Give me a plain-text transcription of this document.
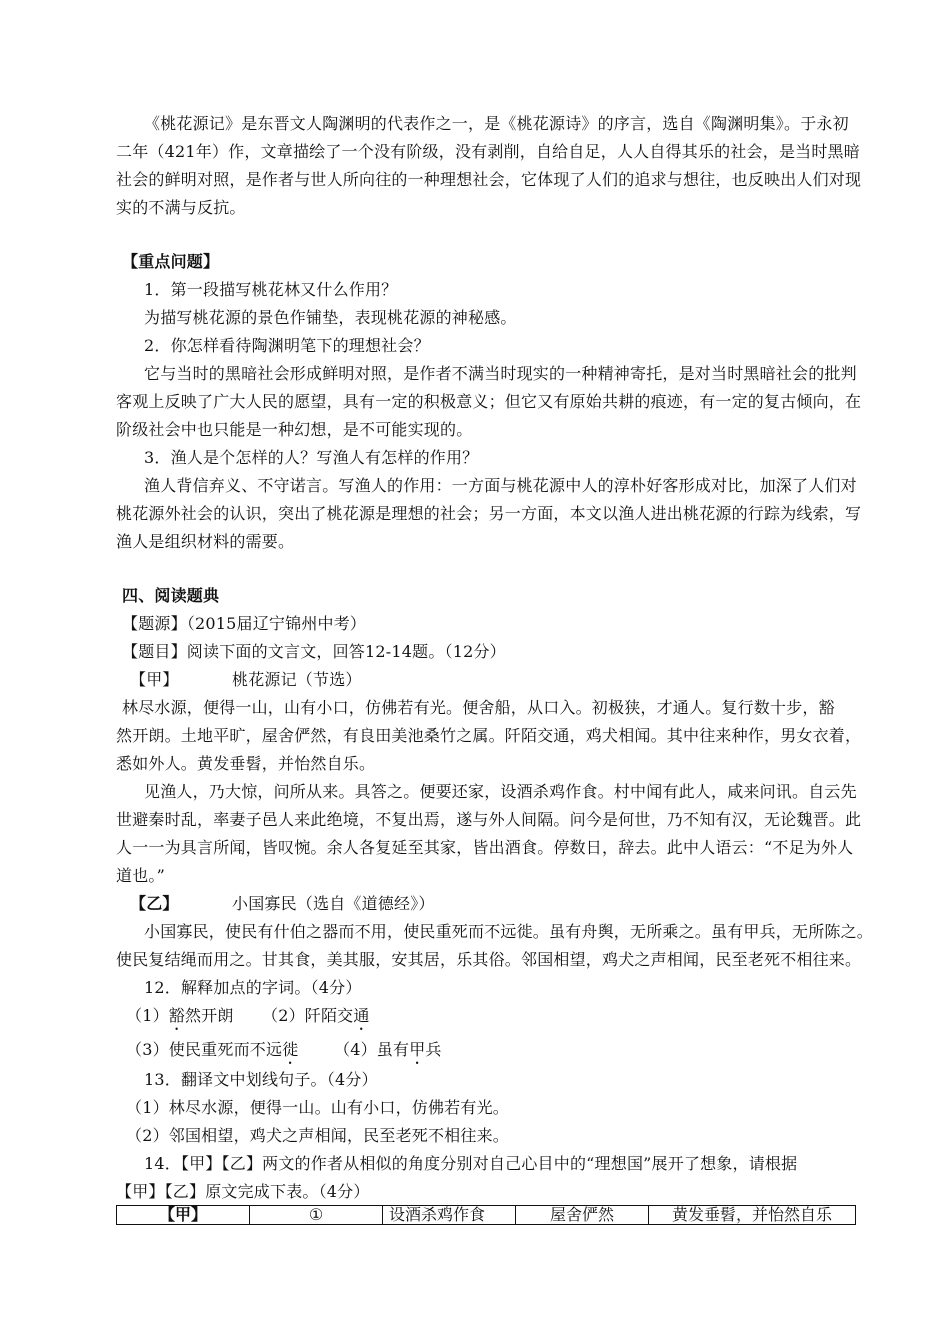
《桃花源记》是东晋文人陶渊明的代表作之一，是《桃花源诗》的序言，选自《陶渊明集》。于永初
二年（421年）作，文章描绘了一个没有阶级，没有剥削，自给自足，人人自得其乐的社会，是当时黑暗
社会的鲜明对照，是作者与世人所向往的一种理想社会，它体现了人们的追求与想往，也反映出人们对现
实的不满与反抗。
【重点问题】
1．第一段描写桃花林又什么作用？
为描写桃花源的景色作铺垫，表现桃花源的神秘感。
2．你怎样看待陶渊明笔下的理想社会？
它与当时的黑暗社会形成鲜明对照，是作者不满当时现实的一种精神寄托，是对当时黑暗社会的批判
客观上反映了广大人民的愿望，具有一定的积极意义；但它又有原始共耕的痕迹，有一定的复古倾向，在
阶级社会中也只能是一种幻想，是不可能实现的。
3．渔人是个怎样的人？写渔人有怎样的作用？
渔人背信弃义、不守诺言。写渔人的作用：一方面与桃花源中人的淳朴好客形成对比，加深了人们对
桃花源外社会的认识，突出了桃花源是理想的社会；另一方面，本文以渔人进出桃花源的行踪为线索，写
渔人是组织材料的需要。
四、阅读题典
【题源】（2015届辽宁锦州中考）
【题目】阅读下面的文言文，回答12-14题。（12分）
【甲】	桃花源记（节选）
林尽水源，便得一山，山有小口，仿佛若有光。便舍船，从口入。初极狭，才通人。复行数十步，豁
然开朗。土地平旷，屋舍俨然，有良田美池桑竹之属。阡陌交通，鸡犬相闻。其中往来种作，男女衣着，
悉如外人。黄发垂髫，并怡然自乐。
见渔人，乃大惊，问所从来。具答之。便要还家，设酒杀鸡作食。村中闻有此人，咸来问讯。自云先
世避秦时乱，率妻子邑人来此绝境，不复出焉，遂与外人间隔。问今是何世，乃不知有汉，无论魏晋。此
人一一为具言所闻，皆叹惋。余人各复延至其家，皆出酒食。停数日，辞去。此中人语云：“不足为外人
道也。”
【乙】	小国寡民（选自《道德经》）
小国寡民，使民有什伯之器而不用，使民重死而不远徙。虽有舟舆，无所乘之。虽有甲兵，无所陈之。
使民复结绳而用之。甘其食，美其服，安其居，乐其俗。邻国相望，鸡犬之声相闻，民至老死不相往来。
12．解释加点的字词。（4分）
（1）豁然开朗 （2）阡陌交通
（3）使民重死而不远徙 （4）虽有甲兵
13．翻译文中划线句子。（4分）
（1）林尽水源，便得一山。山有小口，仿佛若有光。
（2）邻国相望，鸡犬之声相闻，民至老死不相往来。
14．【甲】【乙】两文的作者从相似的角度分别对自己心目中的“理想国”展开了想象，请根据
【甲】【乙】原文完成下表。（4分）
【甲】	①	设酒杀鸡作食	屋舍俨然	黄发垂髫，并怡然自乐
